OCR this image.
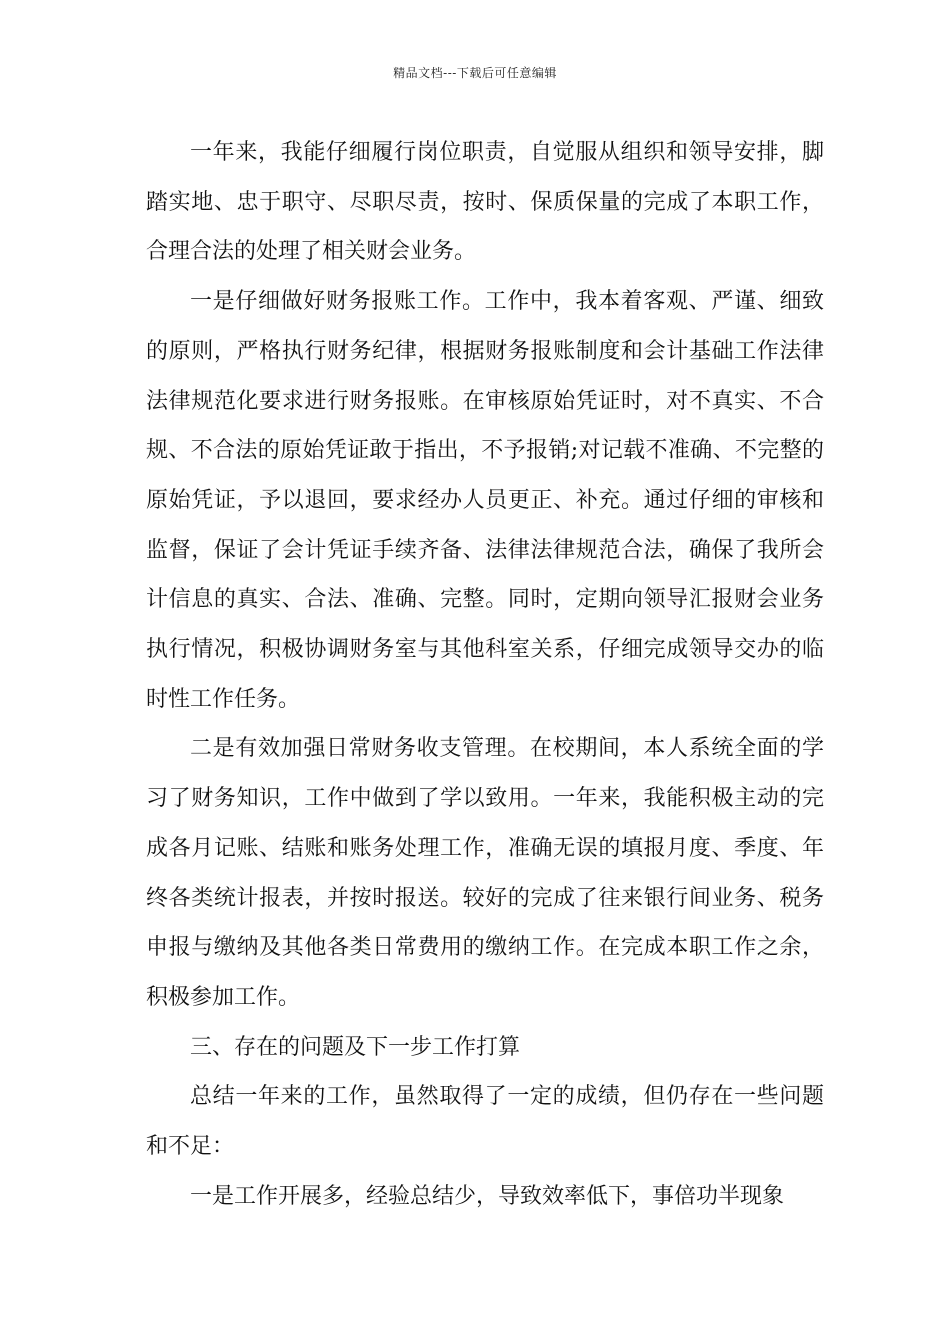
精品文档---下载后可任意编辑

一年来，我能仔细履行岗位职责，自觉服从组织和领导安排，脚踏实地、忠于职守、尽职尽责，按时、保质保量的完成了本职工作，合理合法的处理了相关财会业务。

一是仔细做好财务报账工作。工作中，我本着客观、严谨、细致的原则，严格执行财务纪律，根据财务报账制度和会计基础工作法律法律规范化要求进行财务报账。在审核原始凭证时，对不真实、不合规、不合法的原始凭证敢于指出，不予报销;对记载不准确、不完整的原始凭证，予以退回，要求经办人员更正、补充。通过仔细的审核和监督，保证了会计凭证手续齐备、法律法律规范合法，确保了我所会计信息的真实、合法、准确、完整。同时，定期向领导汇报财会业务执行情况，积极协调财务室与其他科室关系，仔细完成领导交办的临时性工作任务。

二是有效加强日常财务收支管理。在校期间，本人系统全面的学习了财务知识，工作中做到了学以致用。一年来，我能积极主动的完成各月记账、结账和账务处理工作，准确无误的填报月度、季度、年终各类统计报表，并按时报送。较好的完成了往来银行间业务、税务申报与缴纳及其他各类日常费用的缴纳工作。在完成本职工作之余，积极参加工作。

三、存在的问题及下一步工作打算

总结一年来的工作，虽然取得了一定的成绩，但仍存在一些问题和不足：

一是工作开展多，经验总结少，导致效率低下，事倍功半现象
